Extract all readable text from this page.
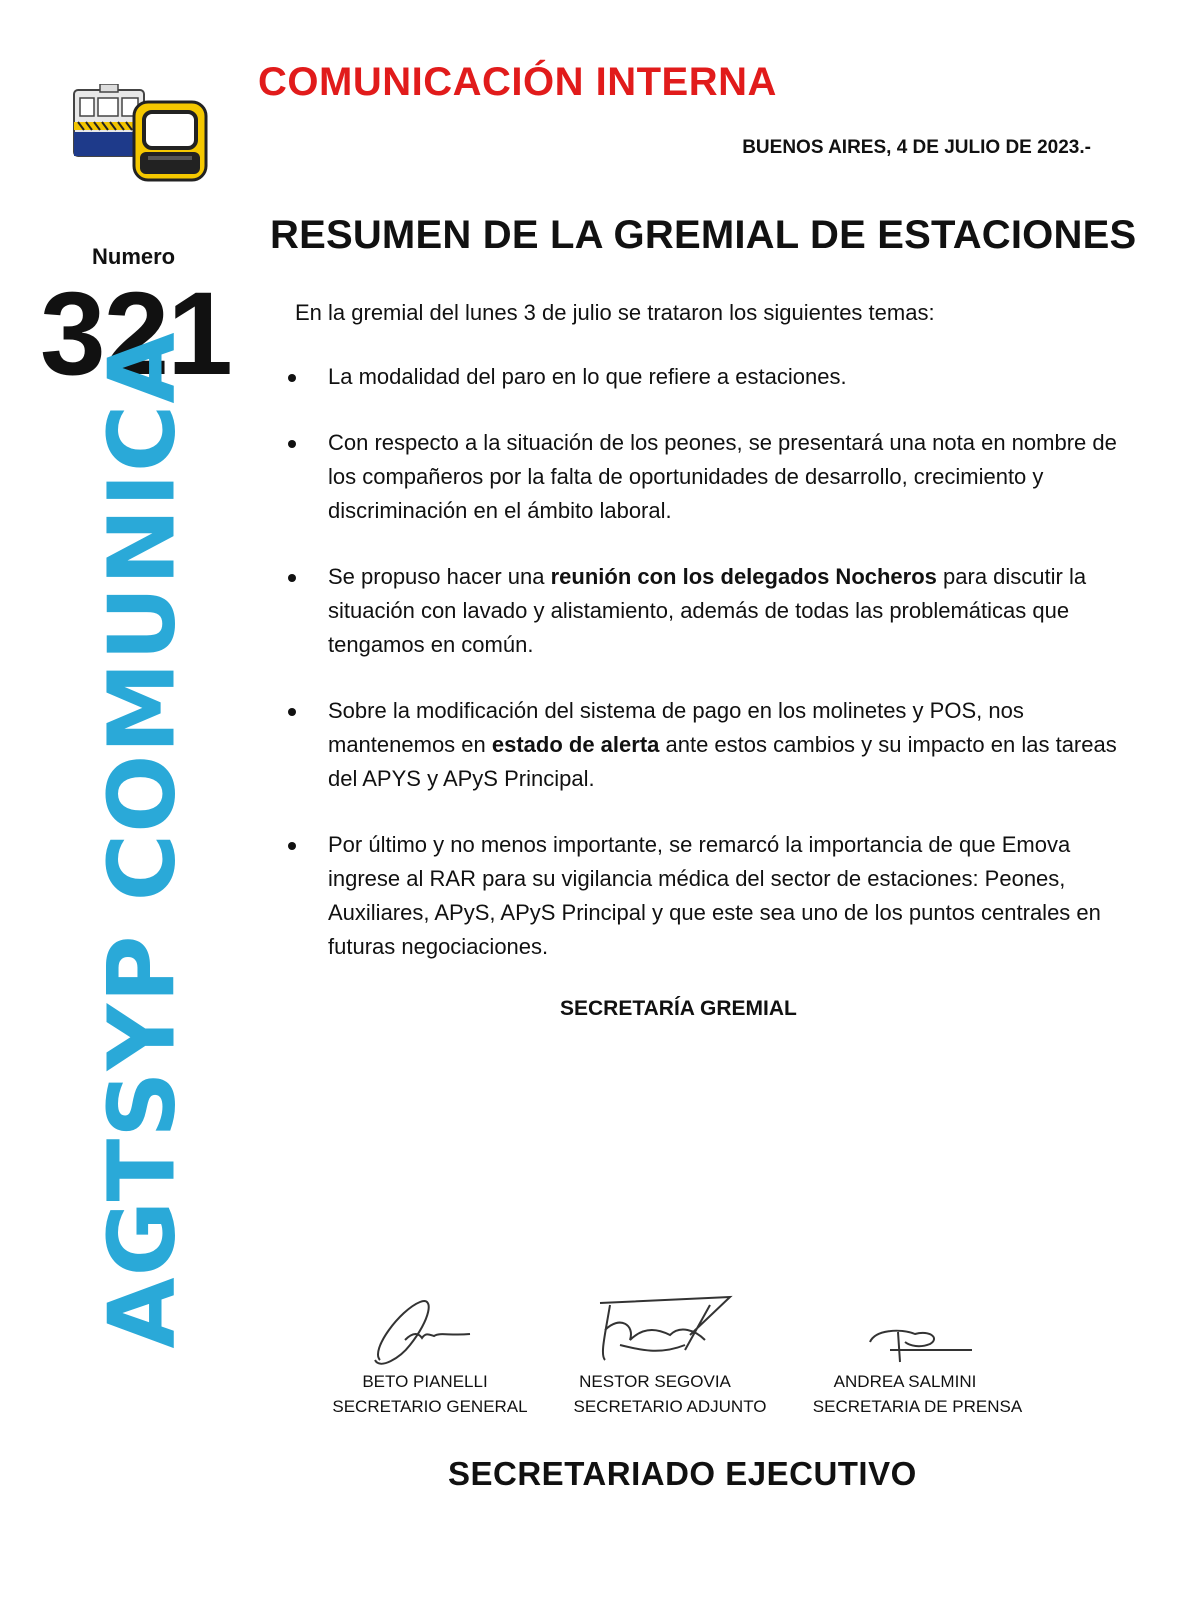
COMUNICACIÓN INTERNA
BUENOS AIRES, 4 DE JULIO DE 2023.-
Numero
321
AGTSYP COMUNICA
RESUMEN DE LA GREMIAL DE ESTACIONES
En la gremial del lunes 3 de julio se trataron los siguientes temas:
La modalidad del paro en lo que refiere a estaciones.
Con respecto a la situación de los peones, se presentará una nota en nombre de los compañeros por la falta de oportunidades de desarrollo, crecimiento y discriminación en el ámbito laboral.
Se propuso hacer una reunión con los delegados Nocheros para discutir la situación con lavado y alistamiento, además de todas las problemáticas que tengamos en común.
Sobre la modificación del sistema de pago en los molinetes y POS, nos mantenemos en estado de alerta ante estos cambios y su impacto en las tareas del APYS y APyS Principal.
Por último y no menos importante, se remarcó la importancia de que Emova ingrese al RAR para su vigilancia médica del sector de estaciones: Peones, Auxiliares, APyS, APyS Principal y que este sea uno de los puntos centrales en futuras negociaciones.
SECRETARÍA GREMIAL
BETO PIANELLI
SECRETARIO GENERAL
NESTOR SEGOVIA
SECRETARIO ADJUNTO
ANDREA SALMINI
SECRETARIA DE PRENSA
SECRETARIADO EJECUTIVO
